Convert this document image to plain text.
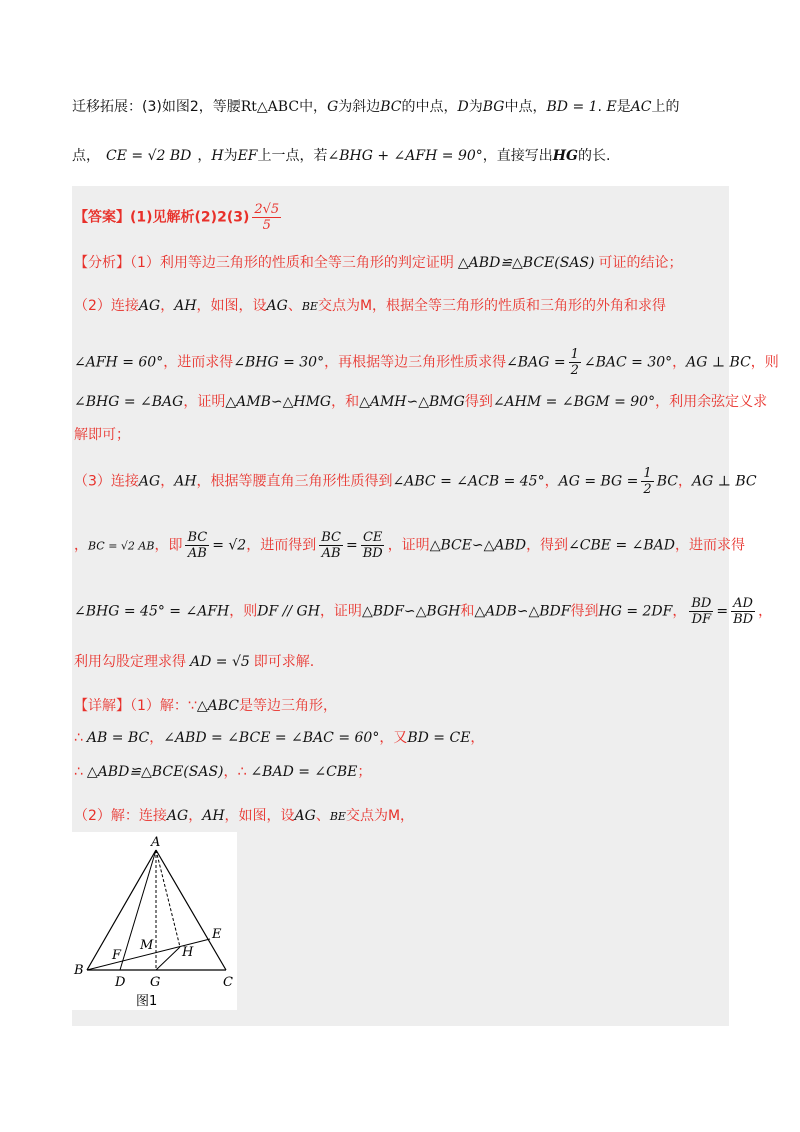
迁移拓展：(3)如图2，等腰Rt△ABC中，G为斜边BC的中点，D为BG中点，BD = 1. E是AC上的
点， CE = √2 BD ，H为EF上一点，若∠BHG + ∠AFH = 90°，直接写出HG的长.
【答案】(1)见解析$(2)2(3) \frac{2√5}{5}$
【分析】（1）利用等边三角形的性质和全等三角形的判定证明 △ABD≌△BCE(SAS) 可证的结论；
（2）连接AG，AH，如图，设AG、BE交点为M，根据全等三角形的性质和三角形的外角和求得
∠AFH = 60°，进而求得∠BHG = 30°，再根据等边三角形性质求得∠BAG = $\frac{1}{2}$ ∠BAC = 30°，AG ⊥ BC，则
∠BHG = ∠BAG，证明△AMB∽△HMG，和△AMH∽△BMG得到∠AHM = ∠BGM = 90°，利用余弦定义求
解即可；
（3）连接AG，AH，根据等腰直角三角形性质得到∠ABC = ∠ACB = 45°，AG = BG = $\frac{1}{2}$ BC，AG ⊥ BC
，BC = √2 AB，即 $\frac{BC}{AB} = √2$，进而得到 $\frac{BC}{AB} = \frac{CE}{BD}$ ，证明△BCE∽△ABD，得到∠CBE = ∠BAD，进而求得
∠BHG = 45° = ∠AFH，则DF // GH，证明△BDF∽△BGH和△ADB∽△BDF得到HG = 2DF， $\frac{BD}{DF} = \frac{AD}{BD}$ ，
利用勾股定理求得 AD = √5 即可求解.
【详解】（1）解：∵△ABC是等边三角形，
∴ AB = BC，∠ABD = ∠BCE = ∠BAC = 60°，又BD = CE，
∴ △ABD≌△BCE(SAS)，∴ ∠BAD = ∠CBE；
（2）解：连接AG，AH，如图，设AG、BE交点为M，
A
B
C
D
E
F
G
H
M
图1
